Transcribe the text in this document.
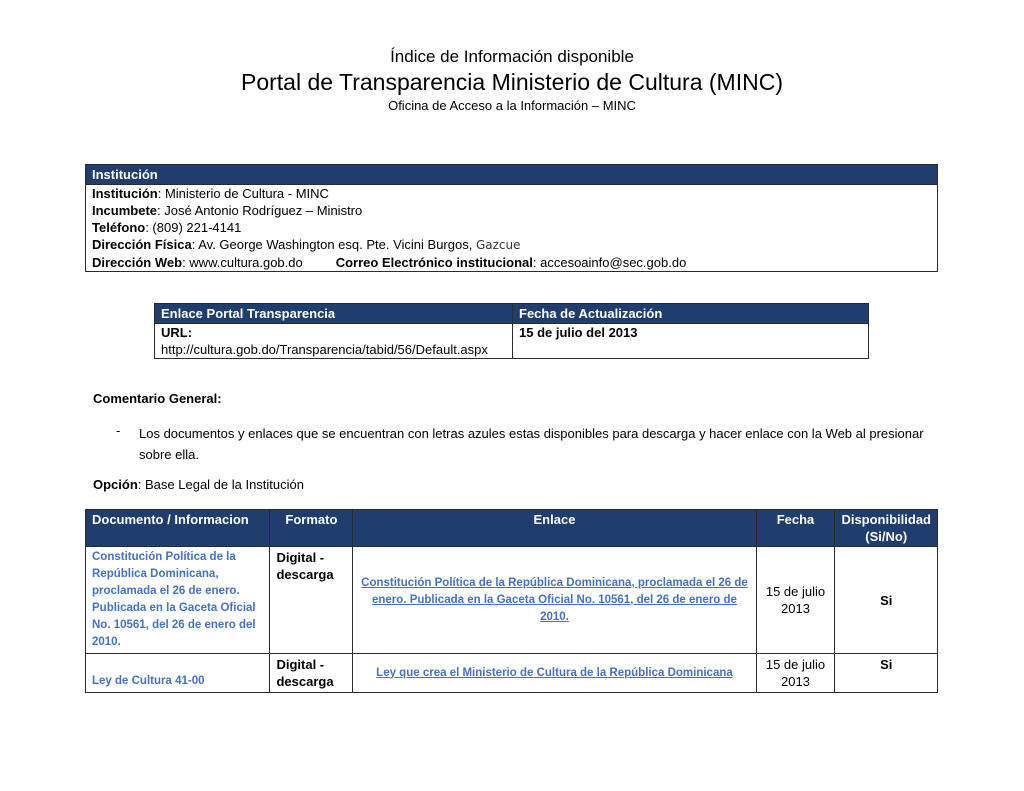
Índice de Información disponible
Portal de Transparencia Ministerio de Cultura (MINC)
Oficina de Acceso a la Información – MINC
Institución
Institución: Ministerio de Cultura - MINC
Incumbete: José Antonio Rodríguez – Ministro
Teléfono: (809) 221-4141
Dirección Física: Av. George Washington esq. Pte. Vicini Burgos, Gazcue
Dirección Web: www.cultura.gob.do	Correo Electrónico institucional: accesoainfo@sec.gob.do
Enlace Portal Transparencia	Fecha de Actualización

URL:
http://cultura.gob.do/Transparencia/tabid/56/Default.aspx	15 de julio del 2013
Comentario General:
- Los documentos y enlaces que se encuentran con letras azules estas disponibles para descarga y hacer enlace con la Web al presionar sobre ella.
Opción: Base Legal de la Institución
Documento / Informacion	Formato	Enlace	Fecha	Disponibilidad (Si/No)
Constitución Política de la República Dominicana, proclamada el 26 de enero. Publicada en la Gaceta Oficial No. 10561, del 26 de enero del 2010.	Digital - descarga	Constitución Política de la República Dominicana, proclamada el 26 de enero. Publicada en la Gaceta Oficial No. 10561, del 26 de enero de 2010.	15 de julio 2013	Si
Ley de Cultura 41-00	Digital - descarga	Ley que crea el Ministerio de Cultura de la República Dominicana	15 de julio 2013	Si
